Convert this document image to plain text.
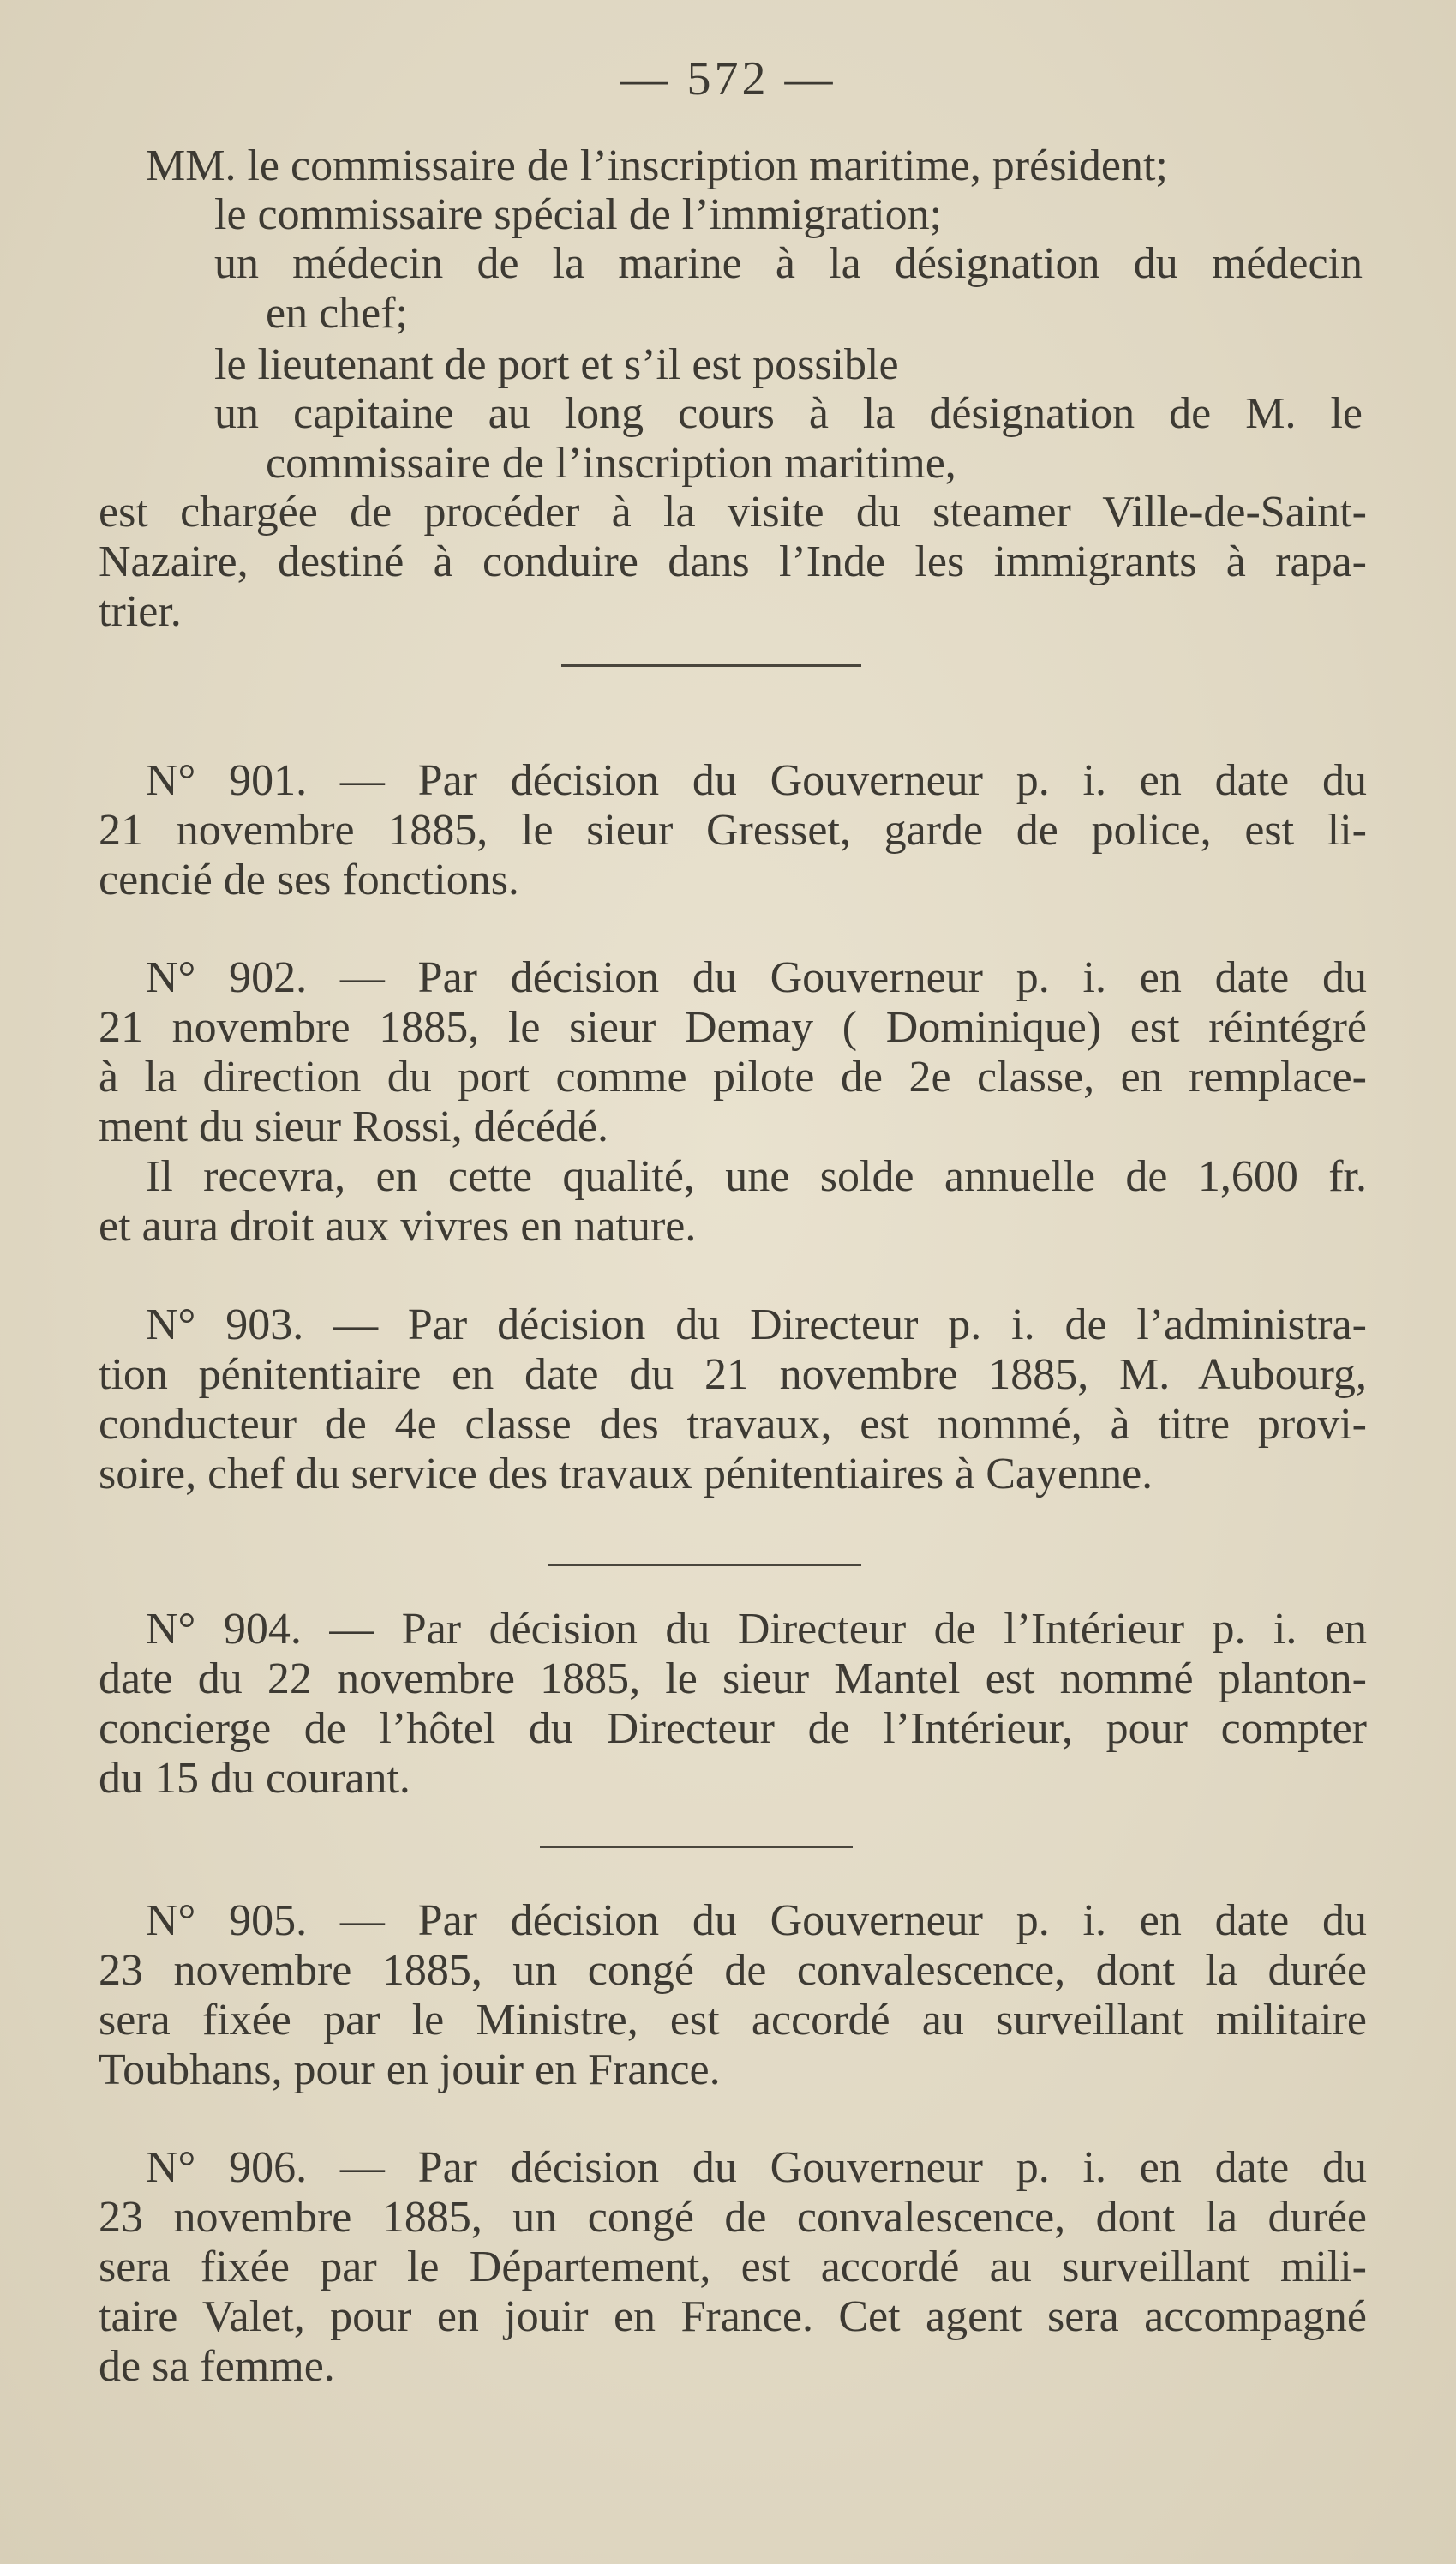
— 572 —
MM. le commissaire de l’inscription maritime, président;
le commissaire spécial de l’immigration;
un médecin de la marine à la désignation du médecin
en chef;
le lieutenant de port et s’il est possible
un capitaine au long cours à la désignation de M. le
commissaire de l’inscription maritime,
est chargée de procéder à la visite du steamer Ville-de-Saint-
Nazaire, destiné à conduire dans l’Inde les immigrants à rapa-
trier.
N° 901. — Par décision du Gouverneur p. i. en date du
21 novembre 1885, le sieur Gresset, garde de police, est li-
cencié de ses fonctions.
N° 902. — Par décision du Gouverneur p. i. en date du
21 novembre 1885, le sieur Demay ( Dominique) est réintégré
à la direction du port comme pilote de 2e classe, en remplace-
ment du sieur Rossi, décédé.
Il recevra, en cette qualité, une solde annuelle de 1,600 fr.
et aura droit aux vivres en nature.
N° 903. — Par décision du Directeur p. i. de l’administra-
tion pénitentiaire en date du 21 novembre 1885, M. Aubourg,
conducteur de 4e classe des travaux, est nommé, à titre provi-
soire, chef du service des travaux pénitentiaires à Cayenne.
N° 904. — Par décision du Directeur de l’Intérieur p. i. en
date du 22 novembre 1885, le sieur Mantel est nommé planton-
concierge de l’hôtel du Directeur de l’Intérieur, pour compter
du 15 du courant.
N° 905. — Par décision du Gouverneur p. i. en date du
23 novembre 1885, un congé de convalescence, dont la durée
sera fixée par le Ministre, est accordé au surveillant militaire
Toubhans, pour en jouir en France.
N° 906. — Par décision du Gouverneur p. i. en date du
23 novembre 1885, un congé de convalescence, dont la durée
sera fixée par le Département, est accordé au surveillant mili-
taire Valet, pour en jouir en France. Cet agent sera accompagné
de sa femme.
